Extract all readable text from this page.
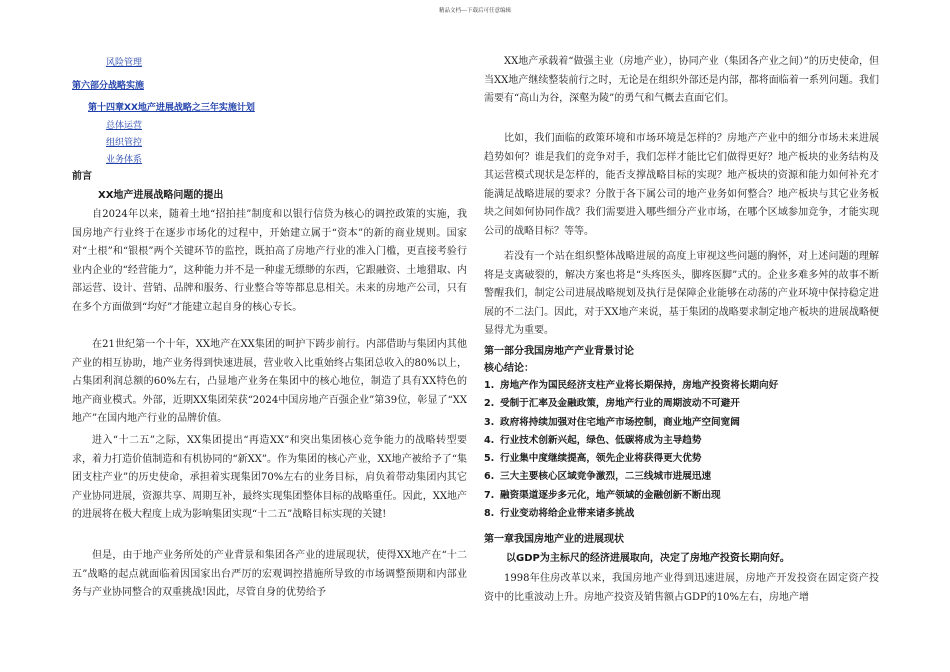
精品文档---下载后可任意编辑
风险管理
第六部分战略实施
第十四章XX地产进展战略之三年实施计划
总体运营
组织管控
业务体系
前言
XX地产进展战略问题的提出

自2024年以来，随着土地“招拍挂”制度和以银行信贷为核心的调控政策的实施，我国房地产行业终于在逐步市场化的过程中，开始建立属于“资本”的新的商业规则。国家对“土根”和“银根”两个关键环节的监控，既拍高了房地产行业的准入门槛，更直接考验行业内企业的“经营能力”，这种能力并不是一种虚无缥缈的东西，它跟融资、土地猎取、内部运营、设计、营销、品牌和服务、行业整合等等都息息相关。未来的房地产公司，只有在多个方面做到“均好”才能建立起自身的核心专长。

在21世纪第一个十年，XX地产在XX集团的呵护下踌步前行。内部借助与集团内其他产业的相互协助，地产业务得到快速进展，营业收入比重始终占集团总收入的80%以上，占集团利润总额的60%左右，凸显地产业务在集团中的核心地位，制造了具有XX特色的地产商业模式。外部，近期XX集团荣获“2024中国房地产百强企业”第39位，彰显了“XX地产”在国内地产行业的品牌价值。

进入“十二五”之际，XX集团提出“再造XX”和突出集团核心竞争能力的战略转型要求，着力打造价值制造和有机协同的“新XX”。作为集团的核心产业，XX地产被给予了“集团支柱产业”的历史使命，承担着实现集团70%左右的业务目标，肩负着带动集团内其它产业协同进展，资源共享、周期互补，最终实现集团整体目标的战略重任。因此，XX地产的进展将在极大程度上成为影响集团实现“十二五”战略目标实现的关键!

但是，由于地产业务所处的产业背景和集团各产业的进展现状，使得XX地产在“十二五”战略的起点就面临着因国家出台严厉的宏观调控措施所导致的市场调整预期和内部业务与产业协同整合的双重挑战!因此，尽管自身的优势给予

XX地产承载着“做强主业（房地产业），协同产业（集团各产业之间）”的历史使命，但当XX地产继续整装前行之时，无论是在组织外部还是内部，都将面临着一系列问题。我们需要有“高山为谷，深壑为陵”的勇气和气概去直面它们。

比如，我们面临的政策环境和市场环境是怎样的？房地产产业中的细分市场未来进展趋势如何？谁是我们的竞争对手，我们怎样才能比它们做得更好？地产板块的业务结构及其运营模式现状是怎样的，能否支撑战略目标的实现？地产板块的资源和能力如何补充才能满足战略进展的要求？分散于各下属公司的地产业务如何整合？地产板块与其它业务板块之间如何协同作战？我们需要进入哪些细分产业市场，在哪个区域参加竞争，才能实现公司的战略目标？等等。

若没有一个站在组织整体战略进展的高度上审视这些问题的胸怀，对上述问题的理解将是支离破裂的，解决方案也将是“头疼医头，脚疼医脚”式的。企业多难多舛的故事不断警醒我们，制定公司进展战略规划及执行是保障企业能够在动荡的产业环境中保持稳定进展的不二法门。因此，对于XX地产来说，基于集团的战略要求制定地产板块的进展战略便显得尤为重要。

第一部分我国房地产产业背景讨论
核心结论：
1. 房地产作为国民经济支柱产业将长期保持，房地产投资将长期向好
2. 受制于汇率及金融政策，房地产行业的周期波动不可避开
3. 政府将持续加强对住宅地产市场控制，商业地产空间宽阔
4. 行业技术创新兴起，绿色、低碳将成为主导趋势
5. 行业集中度继续提高，领先企业将获得更大优势
6. 三大主要核心区域竞争激烈，二三线城市进展迅速
7. 融资渠道逐步多元化，地产领域的金融创新不断出现
8. 行业变动将给企业带来诸多挑战
第一章我国房地产业的进展现状
以GDP为主标尺的经济进展取向，决定了房地产投资长期向好。

1998年住房改革以来，我国房地产业得到迅速进展，房地产开发投资在固定资产投资中的比重波动上升。房地产投资及销售额占GDP的10%左右，房地产增
